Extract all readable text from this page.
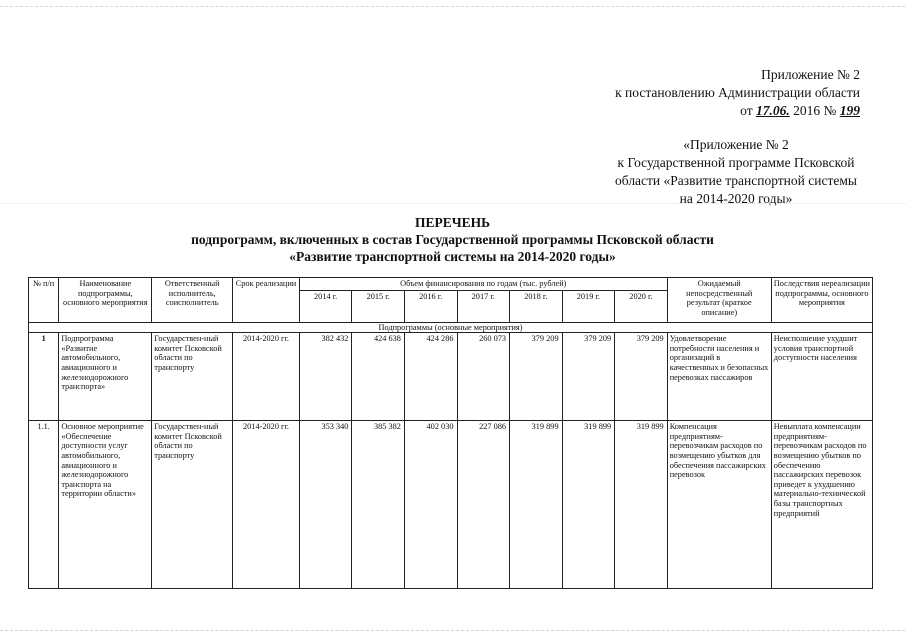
Приложение № 2
к постановлению Администрации области
от 17.06. 2016 № 199
«Приложение № 2
к Государственной программе Псковской
области «Развитие транспортной системы
на 2014-2020 годы»
ПЕРЕЧЕНЬ
подпрограмм, включенных в состав Государственной программы Псковской области
«Развитие транспортной системы на 2014-2020 годы»
№ п/п	Наименование подпрограммы, основного мероприятия	Ответственный исполнитель, соисполнитель	Срок реализации	Объем финансирования по годам (тыс. рублей)							Ожидаемый непосредственный результат (краткое описание)	Последствия нереализации подпрограммы, основного мероприятия
				2014 г.	2015 г.	2016 г.	2017 г.	2018 г.	2019 г.	2020 г.		
Подпрограммы (основные мероприятия)												
1	Подпрограмма «Развитие автомобильного, авиационного и железнодорожного транспорта»	Государствен-ный комитет Псковской области по транспорту	2014-2020 гг.	382 432	424 638	424 286	260 073	379 209	379 209	379 209	Удовлетворение потребности населения и организаций в качественных и безопасных перевозках пассажиров	Неисполнение ухудшит условия транспортной доступности населения
1.1.	Основное мероприятие «Обеспечение доступности услуг автомобильного, авиационного и железнодорожного транспорта на территории области»	Государствен-ный комитет Псковской области по транспорту	2014-2020 гг.	353 340	385 382	402 030	227 086	319 899	319 899	319 899	Компенсация предприятиям-перевозчикам расходов по возмещению убытков для обеспечения пассажирских перевозок	Невыплата компенсации предприятиям-перевозчикам расходов по возмещению убытков по обеспечению пассажирских перевозок приведет к ухудшению материально-технической базы транспортных предприятий
